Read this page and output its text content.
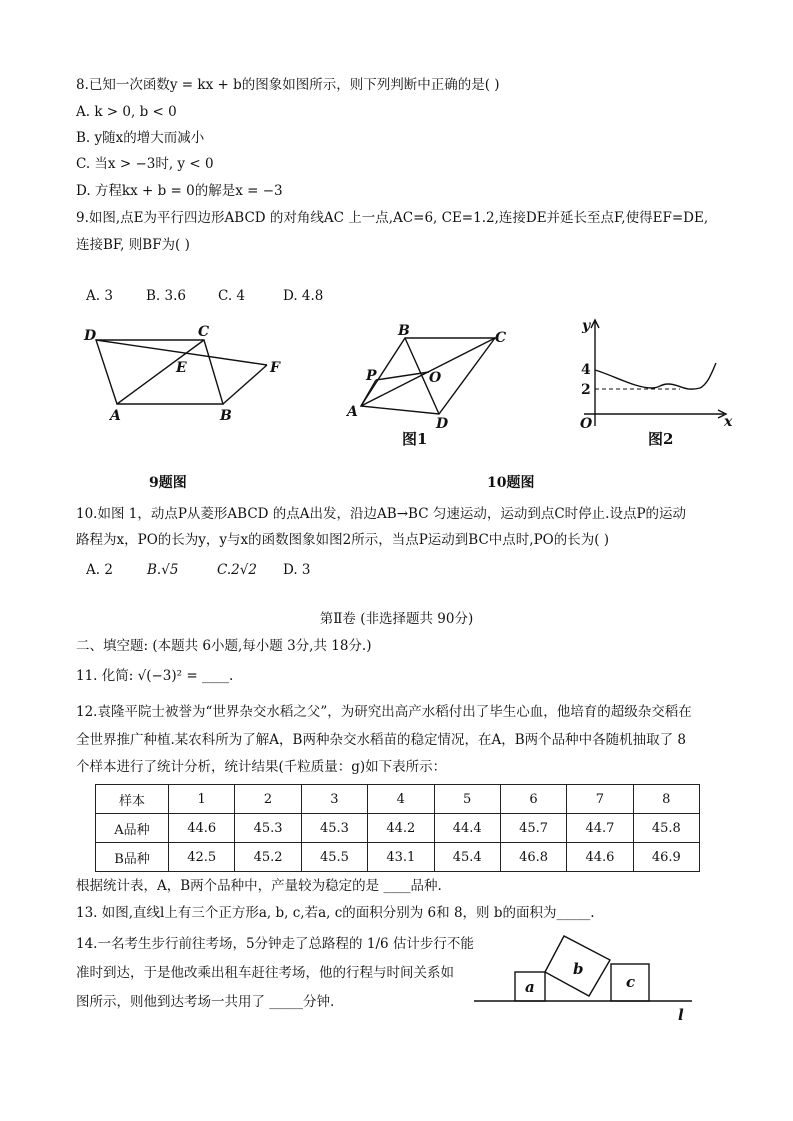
8.已知一次函数y = kx + b的图象如图所示，则下列判断中正确的是( )
A. k > 0, b < 0
B. y随x的增大而减小
C. 当x > −3时, y < 0
D. 方程kx + b = 0的解是x = −3
9.如图,点E为平行四边形ABCD 的对角线AC 上一点,AC=6, CE=1.2,连接DE并延长至点F,使得EF=DE,
连接BF, 则BF为( )
A. 3 B. 3.6 C. 4	D. 4.8
D	C
E	F
A	B
9题图
B	C
P	O
A
D
图1
y
x
O
4
2
图2
10题图
10.如图 1，动点P从菱形ABCD 的点A出发，沿边AB→BC 匀速运动，运动到点C时停止.设点P的运动
路程为x，PO的长为y，y与x的函数图象如图2所示，当点P运动到BC中点时,PO的长为( )
A. 2	B.√5	C.2√2 D. 3
第Ⅱ卷 (非选择题共 90分)
二、填空题: (本题共 6小题,每小题 3分,共 18分.)
11. 化简: √(−3)² = ____.
12.袁隆平院士被誉为“世界杂交水稻之父”，为研究出高产水稻付出了毕生心血，他培育的超级杂交稻在
全世界推广种植.某农科所为了解A，B两种杂交水稻苗的稳定情况，在A，B两个品种中各随机抽取了 8
个样本进行了统计分析，统计结果(千粒质量：g)如下表所示：
样本	1	2	3	4	5	6	7	8
A品种	44.6	45.3	45.3	44.2	44.4	45.7	44.7	45.8
B品种	42.5	45.2	45.5	43.1	45.4	46.8	44.6	46.9
根据统计表，A，B两个品种中，产量较为稳定的是 ____品种.
13. 如图,直线l上有三个正方形a, b, c,若a, c的面积分别为 6和 8，则 b的面积为_____.
14.一名考生步行前往考场，5分钟走了总路程的 1/6 估计步行不能
准时到达，于是他改乘出租车赶往考场，他的行程与时间关系如
图所示，则他到达考场一共用了 _____分钟.
a
b
c
l
